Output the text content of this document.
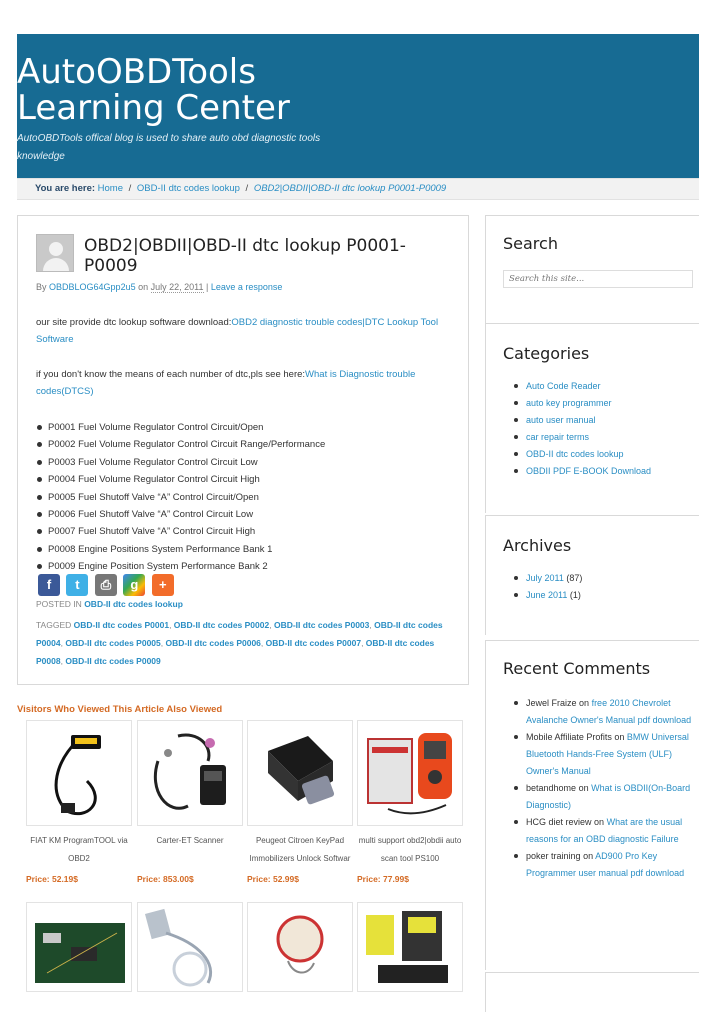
AutoOBDTools
Learning Center
AutoOBDTools offical blog is used to share auto obd diagnostic tools knowledge
You are here: Home / OBD-II dtc codes lookup / OBD2|OBDII|OBD-II dtc lookup P0001-P0009
OBD2|OBDII|OBD-II dtc lookup P0001-P0009
By OBDBLOG64Gpp2u5 on July 22, 2011 | Leave a response

our site provide dtc lookup software download:OBD2 diagnostic trouble codes|DTC Lookup Tool Software

if you don't know the means of each number of dtc,pls see here:What is Diagnostic trouble codes(DTCS)

P0001 Fuel Volume Regulator Control Circuit/Open
P0002 Fuel Volume Regulator Control Circuit Range/Performance
P0003 Fuel Volume Regulator Control Circuit Low
P0004 Fuel Volume Regulator Control Circuit High
P0005 Fuel Shutoff Valve “A” Control Circuit/Open
P0006 Fuel Shutoff Valve “A” Control Circuit Low
P0007 Fuel Shutoff Valve “A” Control Circuit High
P0008 Engine Positions System Performance Bank 1
P0009 Engine Position System Performance Bank 2
f t ⎙ g +
POSTED IN OBD-II dtc codes lookup
TAGGED OBD-II dtc codes P0001, OBD-II dtc codes P0002, OBD-II dtc codes P0003, OBD-II dtc codes P0004, OBD-II dtc codes P0005, OBD-II dtc codes P0006, OBD-II dtc codes P0007, OBD-II dtc codes P0008, OBD-II dtc codes P0009
Visitors Who Viewed This Article Also Viewed
FIAT KM ProgramTOOL via OBD2
Price: 52.19$
Carter-ET Scanner
Price: 853.00$
Peugeot Citroen KeyPad Immobilizers Unlock Softwar
Price: 52.99$
multi support obd2|obdii auto scan tool PS100
Price: 77.99$
Search
Search this site...
Categories
Auto Code Reader
auto key programmer
auto user manual
car repair terms
OBD-II dtc codes lookup
OBDII PDF E-BOOK Download
Archives
July 2011 (87)
June 2011 (1)
Recent Comments
Jewel Fraize on free 2010 Chevrolet Avalanche Owner's Manual pdf download
Mobile Affiliate Profits on BMW Universal Bluetooth Hands-Free System (ULF) Owner's Manual
betandhome on What is OBDII(On-Board Diagnostic)
HCG diet review on What are the usual reasons for an OBD diagnostic Failure
poker training on AD900 Pro Key Programmer user manual pdf download
